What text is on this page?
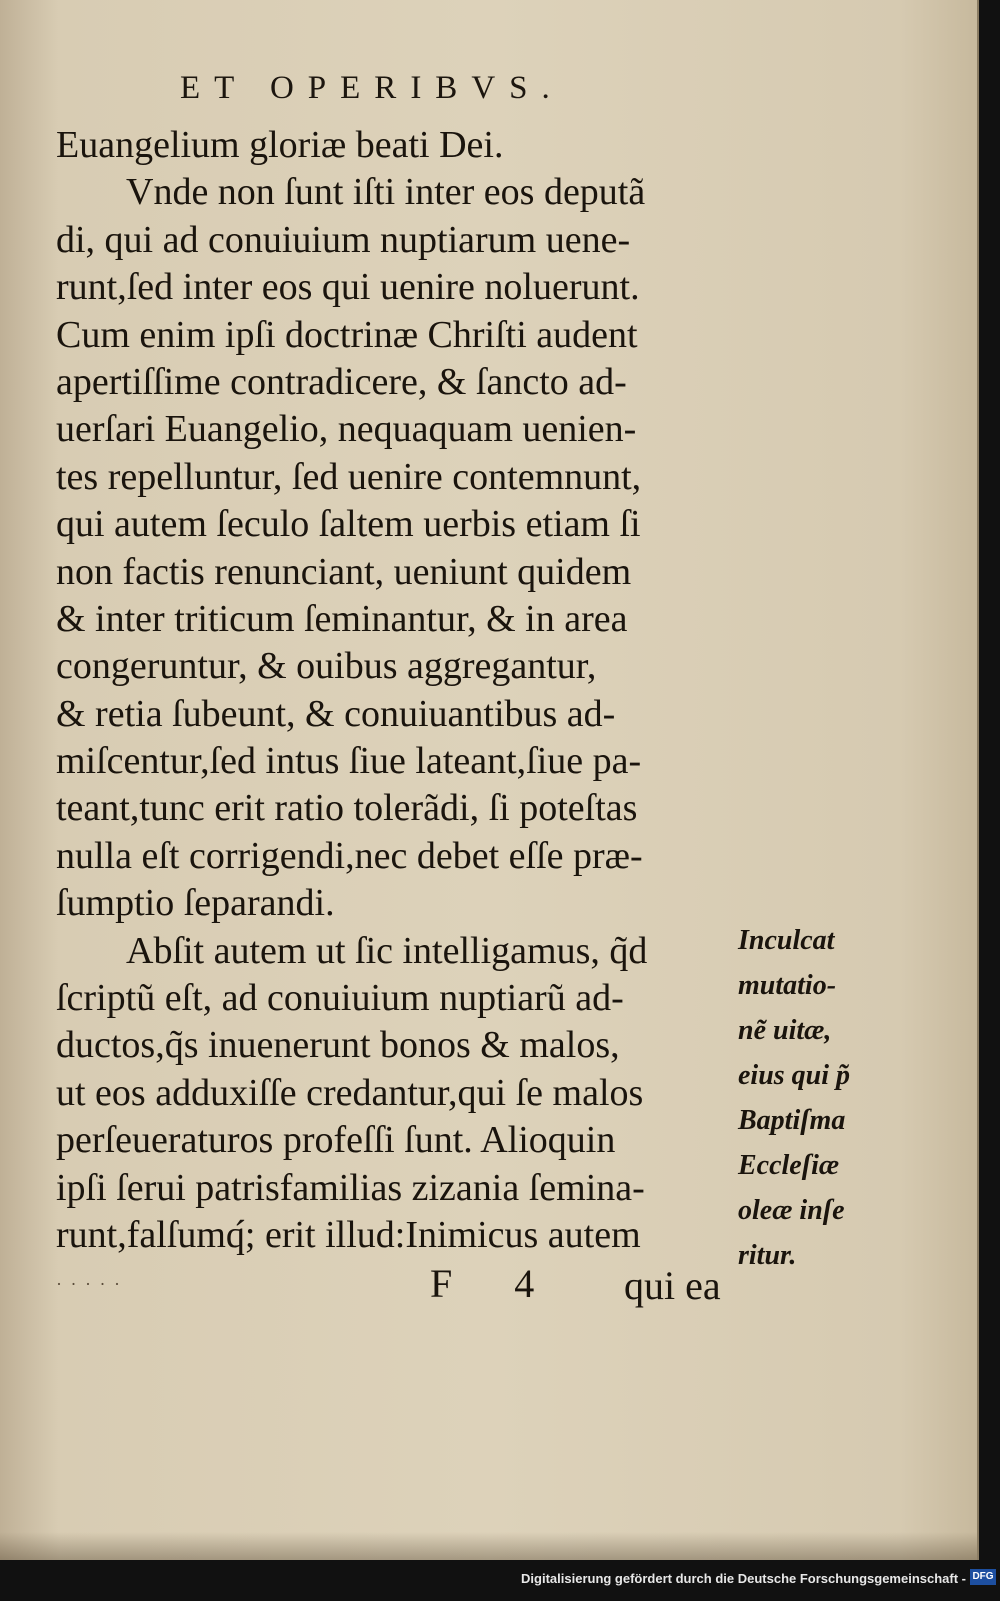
ET OPERIBVS.
Euangelium gloriæ beati Dei.
Vnde non ſunt iſti inter eos deputã
di, qui ad conuiuium nuptiarum uene-
runt,ſed inter eos qui uenire noluerunt.
Cum enim ipſi doctrinæ Chriſti audent
apertiſſime contradicere, & ſancto ad-
uerſari Euangelio, nequaquam uenien-
tes repelluntur, ſed uenire contemnunt,
qui autem ſeculo ſaltem uerbis etiam ſi
non factis renunciant, ueniunt quidem
& inter triticum ſeminantur, & in area
congeruntur, & ouibus aggregantur,
& retia ſubeunt, & conuiuantibus ad-
miſcentur,ſed intus ſiue lateant,ſiue pa-
teant,tunc erit ratio tolerãdi, ſi poteſtas
nulla eſt corrigendi,nec debet eſſe præ-
ſumptio ſeparandi.
Abſit autem ut ſic intelligamus, q̃d
ſcriptũ eſt, ad conuiuium nuptiarũ ad-
ductos,q̃s inuenerunt bonos & malos,
ut eos adduxiſſe credantur,qui ſe malos
perſeueraturos profeſſi ſunt. Alioquin
ipſi ſerui patrisfamilias zizania ſemina-
runt,falſumq́; erit illud:Inimicus autem
Inculcat
mutatio-
nẽ uitæ,
eius qui p̃
Baptiſma
Eccleſiæ
oleæ inſe
ritur.
· · · · ·	F 4 qui ea
Digitalisierung gefördert durch die Deutsche Forschungsgemeinschaft - DFG
